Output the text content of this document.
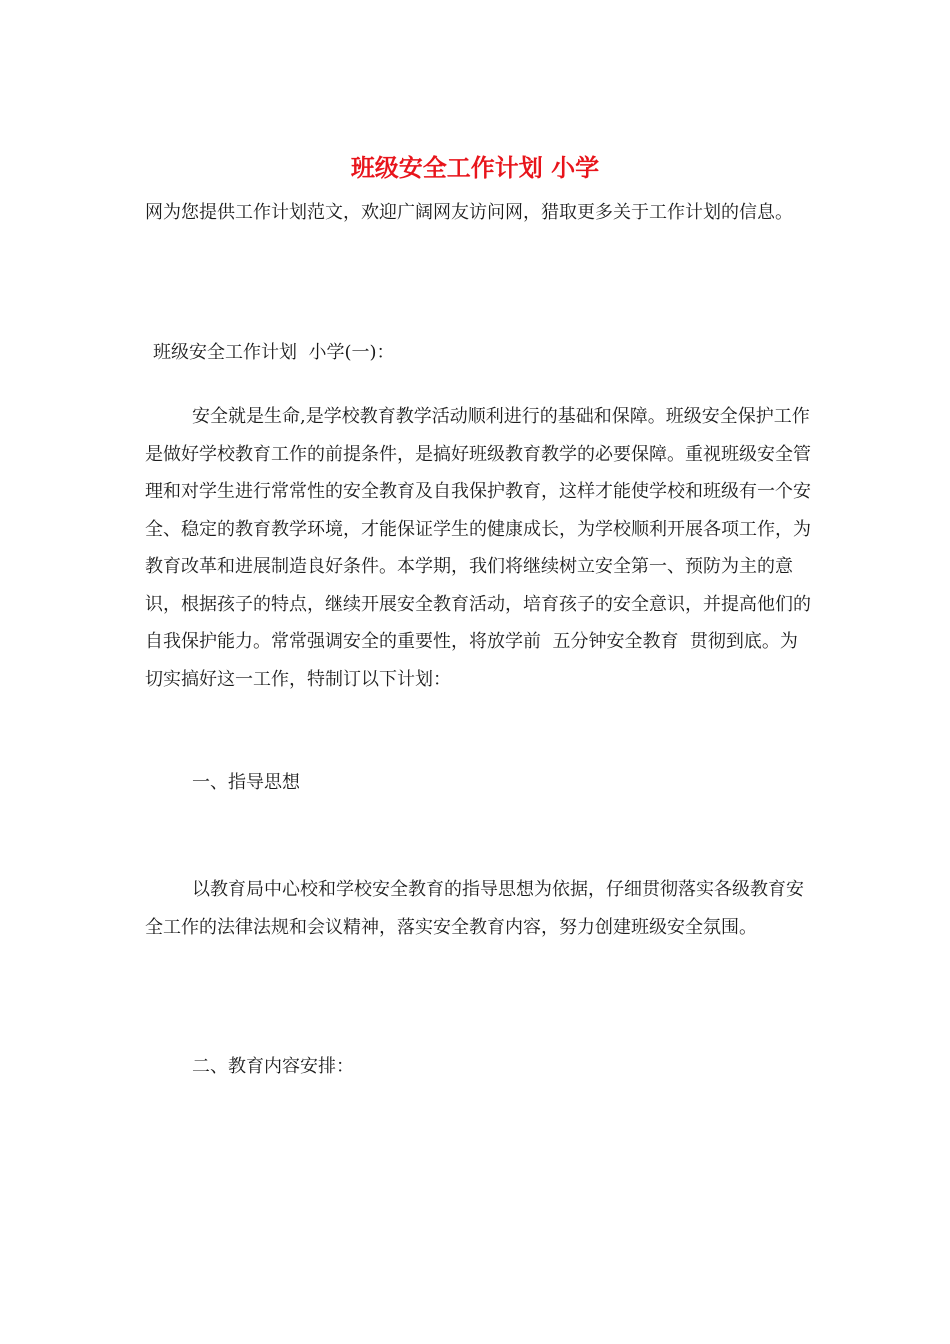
班级安全工作计划 小学

网为您提供工作计划范文，欢迎广阔网友访问网，猎取更多关于工作计划的信息。

班级安全工作计划  小学(一)：

安全就是生命,是学校教育教学活动顺利进行的基础和保障。班级安全保护工作是做好学校教育工作的前提条件，是搞好班级教育教学的必要保障。重视班级安全管理和对学生进行常常性的安全教育及自我保护教育，这样才能使学校和班级有一个安全、稳定的教育教学环境，才能保证学生的健康成长，为学校顺利开展各项工作，为教育改革和进展制造良好条件。本学期，我们将继续树立安全第一、预防为主的意识，根据孩子的特点，继续开展安全教育活动，培育孩子的安全意识，并提高他们的自我保护能力。常常强调安全的重要性，将放学前  五分钟安全教育  贯彻到底。为切实搞好这一工作，特制订以下计划：

一、指导思想

以教育局中心校和学校安全教育的指导思想为依据，仔细贯彻落实各级教育安全工作的法律法规和会议精神，落实安全教育内容，努力创建班级安全氛围。

二、教育内容安排：
